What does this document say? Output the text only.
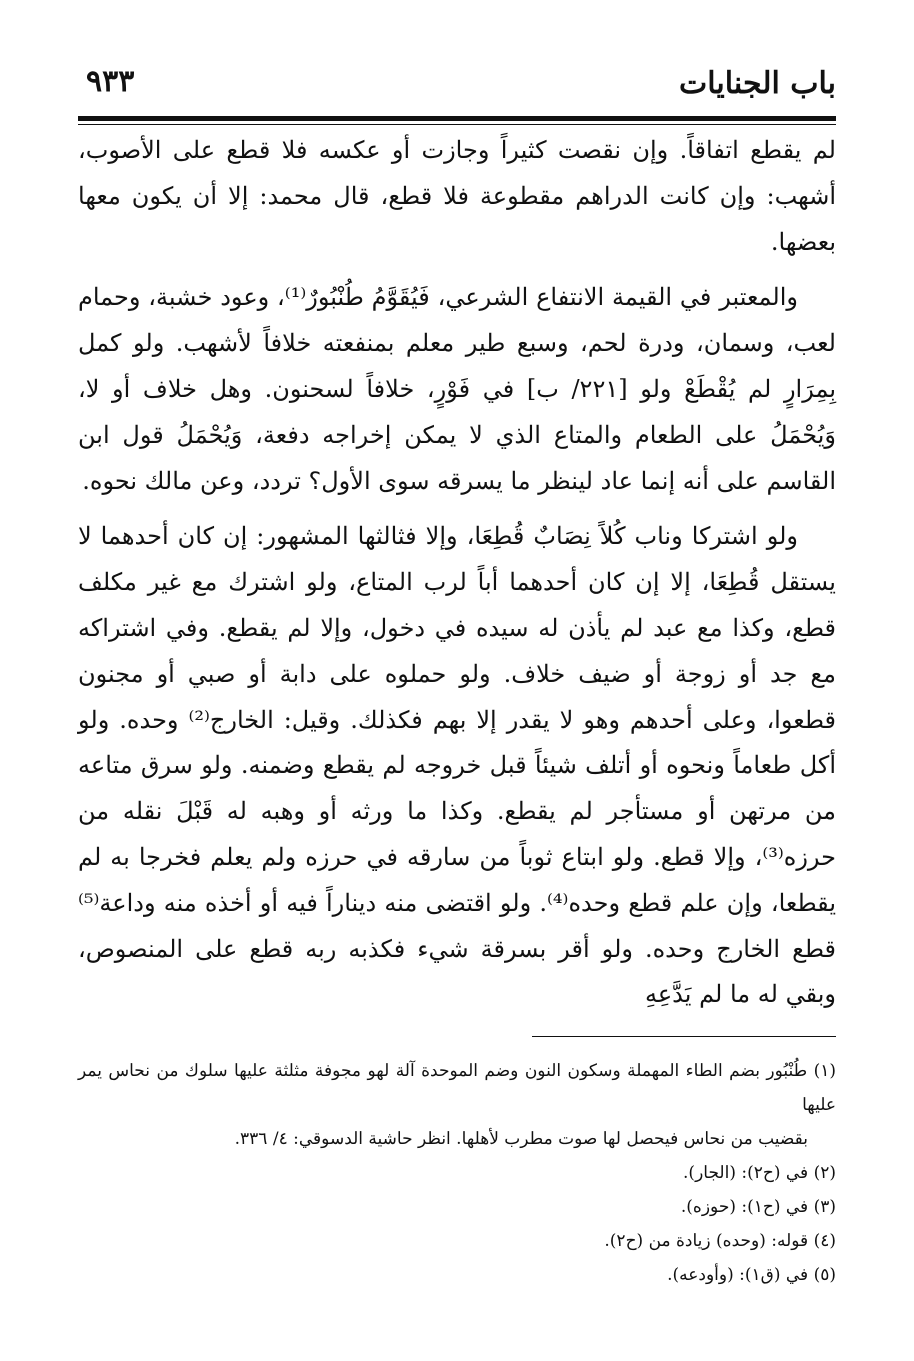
باب الجنايات
٩٣٣

لم يقطع اتفاقاً. وإن نقصت كثيراً وجازت أو عكسه فلا قطع على الأصوب، أشهب: وإن كانت الدراهم مقطوعة فلا قطع، قال محمد: إلا أن يكون معها بعضها.

والمعتبر في القيمة الانتفاع الشرعي، فَيُقَوَّمُ طُنْبُورٌ⁽¹⁾، وعود خشبة، وحمام لعب، وسمان، ودرة لحم، وسبع طير معلم بمنفعته خلافاً لأشهب. ولو كمل بِمِرَارٍ لم يُقْطَعْ ولو [٢٢١/ ب] في فَوْرٍ، خلافاً لسحنون. وهل خلاف أو لا، وَيُحْمَلُ على الطعام والمتاع الذي لا يمكن إخراجه دفعة، وَيُحْمَلُ قول ابن القاسم على أنه إنما عاد لينظر ما يسرقه سوى الأول؟ تردد، وعن مالك نحوه.

ولو اشتركا وناب كُلاً نِصَابٌ قُطِعَا، وإلا فثالثها المشهور: إن كان أحدهما لا يستقل قُطِعَا، إلا إن كان أحدهما أباً لرب المتاع، ولو اشترك مع غير مكلف قطع، وكذا مع عبد لم يأذن له سيده في دخول، وإلا لم يقطع. وفي اشتراكه مع جد أو زوجة أو ضيف خلاف. ولو حملوه على دابة أو صبي أو مجنون قطعوا، وعلى أحدهم وهو لا يقدر إلا بهم فكذلك. وقيل: الخارج⁽²⁾ وحده. ولو أكل طعاماً ونحوه أو أتلف شيئاً قبل خروجه لم يقطع وضمنه. ولو سرق متاعه من مرتهن أو مستأجر لم يقطع. وكذا ما ورثه أو وهبه له قَبْلَ نقله من حرزه⁽³⁾، وإلا قطع. ولو ابتاع ثوباً من سارقه في حرزه ولم يعلم فخرجا به لم يقطعا، وإن علم قطع وحده⁽⁴⁾. ولو اقتضى منه ديناراً فيه أو أخذه منه وداعة⁽⁵⁾ قطع الخارج وحده. ولو أقر بسرقة شيء فكذبه ربه قطع على المنصوص، وبقي له ما لم يَدَّعِهِ

(١) طُنْبُور بضم الطاء المهملة وسكون النون وضم الموحدة آلة لهو مجوفة مثلثة عليها سلوك من نحاس يمر عليها

بقضيب من نحاس فيحصل لها صوت مطرب لأهلها. انظر حاشية الدسوقي: ٤/ ٣٣٦.

(٢) في (ح٢): (الجار).

(٣) في (ح١): (حوزه).

(٤) قوله: (وحده) زيادة من (ح٢).

(٥) في (ق١): (وأودعه).
